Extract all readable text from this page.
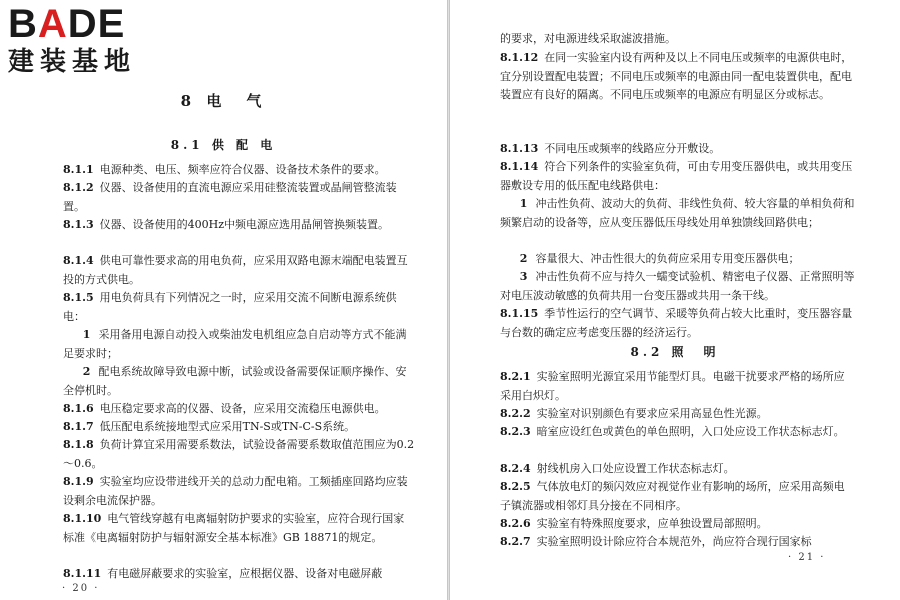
BADE
建装基地
8 电　气
8.1 供 配 电

8.1.1 电源种类、电压、频率应符合仪器、设备技术条件的要求。

8.1.2 仪器、设备使用的直流电源应采用硅整流装置或晶闸管整流装置。

8.1.3 仪器、设备使用的400Hz中频电源应选用晶闸管换频装置。

8.1.4 供电可靠性要求高的用电负荷，应采用双路电源末端配电装置互投的方式供电。

8.1.5 用电负荷具有下列情况之一时，应采用交流不间断电源系统供电：

1 采用备用电源自动投入或柴油发电机组应急自启动等方式不能满足要求时；

2 配电系统故障导致电源中断，试验或设备需要保证顺序操作、安全停机时。

8.1.6 电压稳定要求高的仪器、设备，应采用交流稳压电源供电。

8.1.7 低压配电系统接地型式应采用TN-S或TN-C-S系统。

8.1.8 负荷计算宜采用需要系数法，试验设备需要系数取值范围应为0.2～0.6。

8.1.9 实验室均应设带进线开关的总动力配电箱。工频插座回路均应装设剩余电流保护器。

8.1.10 电气管线穿越有电离辐射防护要求的实验室，应符合现行国家标准《电离辐射防护与辐射源安全基本标准》GB 18871的规定。

8.1.11 有电磁屏蔽要求的实验室，应根据仪器、设备对电磁屏蔽

· 20 ·

的要求，对电源进线采取滤波措施。

8.1.12 在同一实验室内设有两种及以上不同电压或频率的电源供电时，宜分别设置配电装置；不同电压或频率的电源由同一配电装置供电，配电装置应有良好的隔离。不同电压或频率的电源应有明显区分或标志。

8.1.13 不同电压或频率的线路应分开敷设。

8.1.14 符合下列条件的实验室负荷，可由专用变压器供电，或共用变压器敷设专用的低压配电线路供电：

1 冲击性负荷、波动大的负荷、非线性负荷、较大容量的单相负荷和频繁启动的设备等，应从变压器低压母线处用单独馈线回路供电；

2 容量很大、冲击性很大的负荷应采用专用变压器供电；

3 冲击性负荷不应与持久一蠕变试验机、精密电子仪器、正常照明等对电压波动敏感的负荷共用一台变压器或共用一条干线。

8.1.15 季节性运行的空气调节、采暖等负荷占较大比重时，变压器容量与台数的确定应考虑变压器的经济运行。

8.2 照　明

8.2.1 实验室照明光源宜采用节能型灯具。电磁干扰要求严格的场所应采用白炽灯。

8.2.2 实验室对识别颜色有要求应采用高显色性光源。

8.2.3 暗室应设红色或黄色的单色照明，入口处应设工作状态标志灯。

8.2.4 射线机房入口处应设置工作状态标志灯。

8.2.5 气体放电灯的频闪效应对视觉作业有影响的场所，应采用高频电子镇流器或相邻灯具分接在不同相序。

8.2.6 实验室有特殊照度要求，应单独设置局部照明。

8.2.7 实验室照明设计除应符合本规范外，尚应符合现行国家标

· 21 ·
